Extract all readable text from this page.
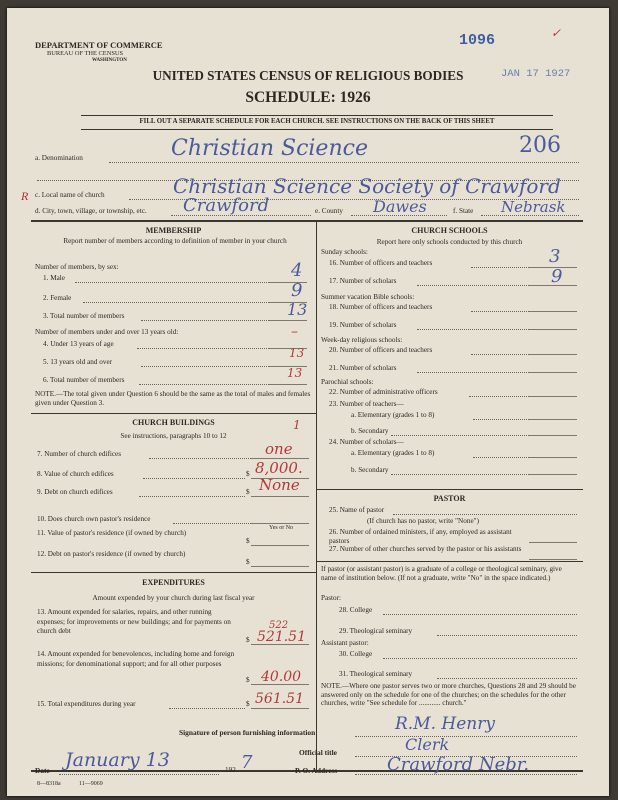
DEPARTMENT OF COMMERCE
BUREAU OF THE CENSUS
WASHINGTON
1096	✓
JAN 17 1927
UNITED STATES CENSUS OF RELIGIOUS BODIES
SCHEDULE: 1926
FILL OUT A SEPARATE SCHEDULE FOR EACH CHURCH. SEE INSTRUCTIONS ON THE BACK OF THIS SHEET
a. Denomination	Christian Science	206
R c. Local name of church	Christian Science Society of Crawford
d. City, town, village, or township, etc. Crawford	e. County Dawes	f. State Nebrask
MEMBERSHIP
Report number of members according to definition of member in your church
Number of members, by sex:
1. Male	4
2. Female	9
3. Total number of members	13
Number of members under and over 13 years old:
4. Under 13 years of age
–
5. 13 years old and over
13
6. Total number of members	13
NOTE.—The total given under Question 6 should be the same as the total of males and females given under Question 3.
CHURCH BUILDINGS
See instructions, paragraphs 10 to 12
1
7. Number of church edifices	one
8. Value of church edifices	$ 8,000.
9. Debt on church edifices	$ None
10. Does church own pastor's residence
Yes or No
11. Value of pastor's residence (if owned by church)
$
12. Debt on pastor's residence (if owned by church)
$
EXPENDITURES
Amount expended by your church during last fiscal year
13. Amount expended for salaries, repairs, and other running expenses; for improvements or new buildings; and for payments on church debt
$
522
521.51
14. Amount expended for benevolences, including home and foreign missions; for denominational support; and for all other purposes
$ 40.00
15. Total expenditures during year	$ 561.51
CHURCH SCHOOLS
Report here only schools conducted by this church
Sunday schools:
16. Number of officers and teachers	3
17. Number of scholars	9
Summer vacation Bible schools:
18. Number of officers and teachers
19. Number of scholars
Week-day religious schools:
20. Number of officers and teachers
21. Number of scholars
Parochial schools:
22. Number of administrative officers
23. Number of teachers—
a. Elementary (grades 1 to 8)
b. Secondary
24. Number of scholars—
a. Elementary (grades 1 to 8)
b. Secondary
PASTOR
25. Name of pastor
(If church has no pastor, write "None")
26. Number of ordained ministers, if any, employed as assistant pastors
27. Number of other churches served by the pastor or his assistants
If pastor (or assistant pastor) is a graduate of a college or theological seminary, give name of institution below. (If not a graduate, write "No" in the space indicated.)
Pastor:
28. College
29. Theological seminary
Assistant pastor:
30. College
31. Theological seminary
NOTE.—Where one pastor serves two or more churches, Questions 28 and 29 should be answered only on the schedule for one of the churches; on the schedules for the other churches, write "See schedule for ............ church."
Signature of person furnishing information	R.M. Henry
Official title	Clerk
Date January 13	192 7	P. O. Address	Crawford Nebr.
8—8318a	11—9069
